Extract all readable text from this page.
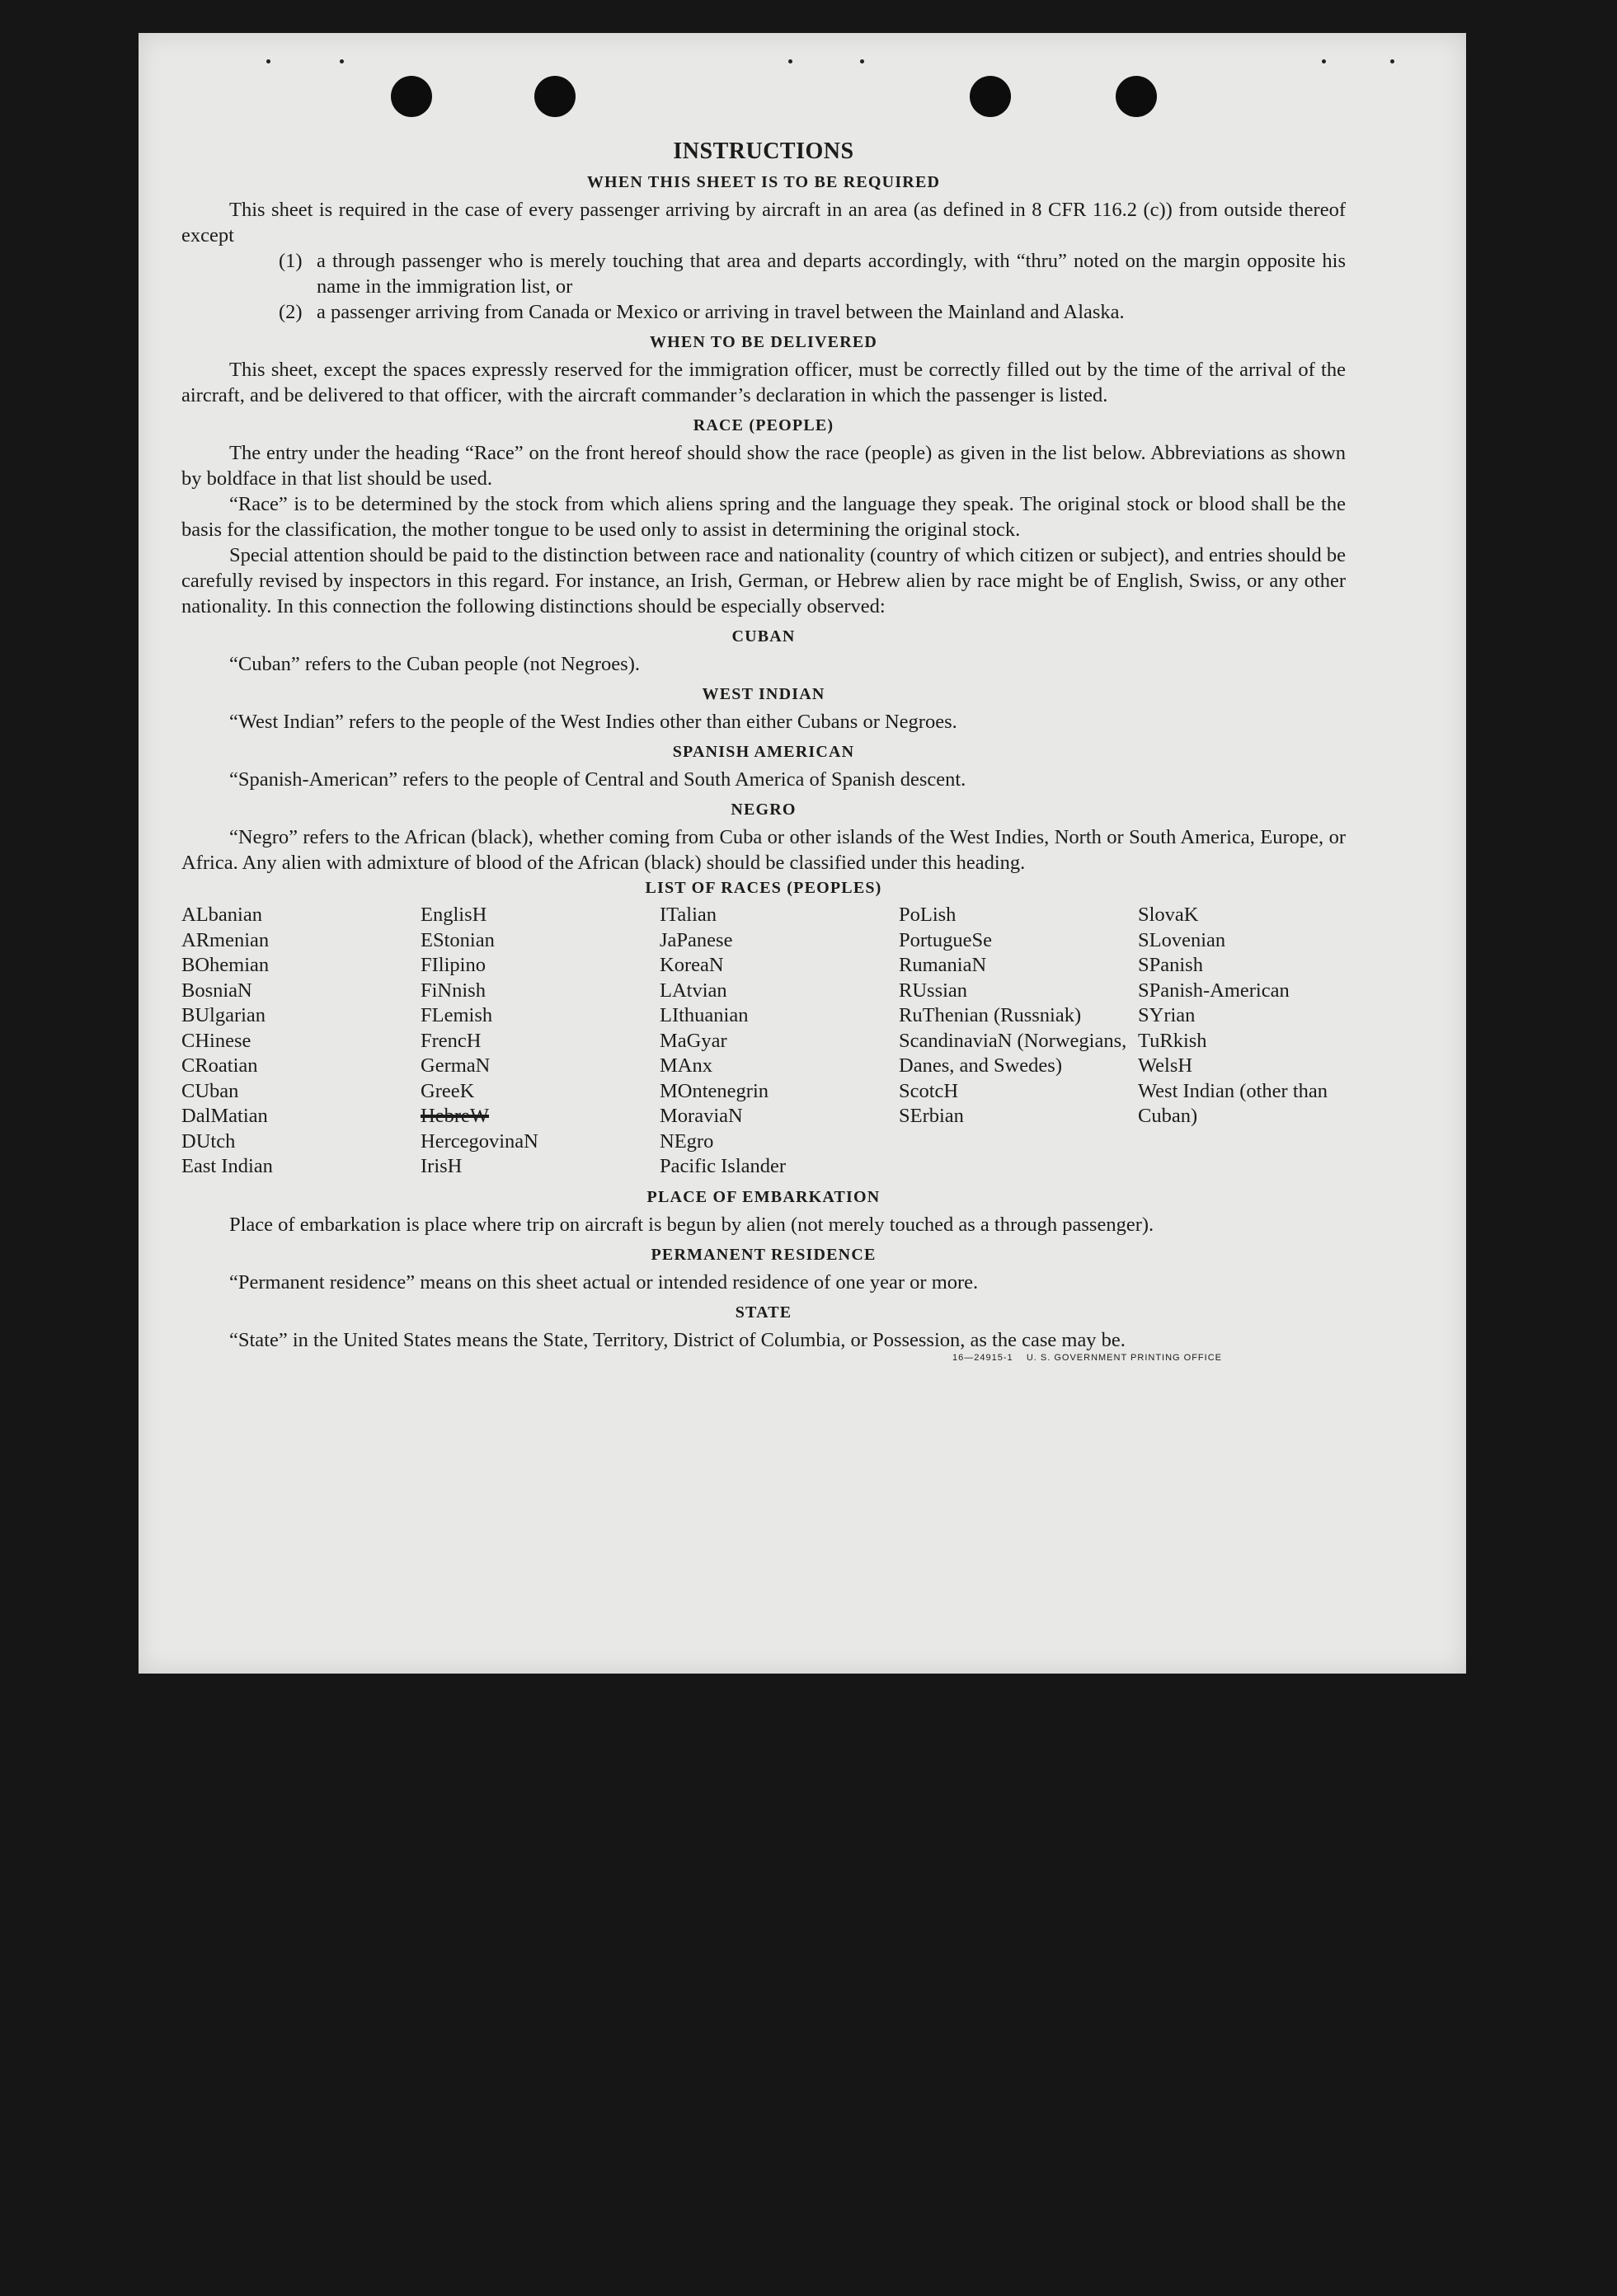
INSTRUCTIONS
WHEN THIS SHEET IS TO BE REQUIRED

This sheet is required in the case of every passenger arriving by aircraft in an area (as defined in 8 CFR 116.2 (c)) from outside thereof except

(1) a through passenger who is merely touching that area and departs accordingly, with “thru” noted on the margin opposite his name in the immigration list, or
(2) a passenger arriving from Canada or Mexico or arriving in travel between the Mainland and Alaska.
WHEN TO BE DELIVERED

This sheet, except the spaces expressly reserved for the immigration officer, must be correctly filled out by the time of the arrival of the aircraft, and be delivered to that officer, with the aircraft commander’s declaration in which the passenger is listed.

RACE (PEOPLE)

The entry under the heading “Race” on the front hereof should show the race (people) as given in the list below. Abbreviations as shown by boldface in that list should be used.

“Race” is to be determined by the stock from which aliens spring and the language they speak. The original stock or blood shall be the basis for the classification, the mother tongue to be used only to assist in determining the original stock.

Special attention should be paid to the distinction between race and nationality (country of which citizen or subject), and entries should be carefully revised by inspectors in this regard. For instance, an Irish, German, or Hebrew alien by race might be of English, Swiss, or any other nationality. In this connection the following distinctions should be especially observed:

CUBAN

“Cuban” refers to the Cuban people (not Negroes).

WEST INDIAN

“West Indian” refers to the people of the West Indies other than either Cubans or Negroes.

SPANISH AMERICAN

“Spanish-American” refers to the people of Central and South America of Spanish descent.

NEGRO

“Negro” refers to the African (black), whether coming from Cuba or other islands of the West Indies, North or South America, Europe, or Africa. Any alien with admixture of blood of the African (black) should be classified under this heading.

LIST OF RACES (PEOPLES)
ALbanian
ARmenian
BOhemian
BosniaN
BUlgarian
CHinese
CRoatian
CUban
DalMatian
DUtch
East Indian
EnglisH
EStonian
FIlipino
FiNnish
FLemish
FrencH
GermaN
GreeK
HebreW
HercegovinaN
IrisH
ITalian
JaPanese
KoreaN
LAtvian
LIthuanian
MaGyar
MAnx
MOntenegrin
MoraviaN
NEgro
Pacific Islander
PoLish
PortugueSe
RumaniaN
RUssian
RuThenian (Russniak)
ScandinaviaN (Norwegians, Danes, and Swedes)
ScotcH
SErbian
SlovaK
SLovenian
SPanish
SPanish-American
SYrian
TuRkish
WelsH
West Indian (other than Cuban)
PLACE OF EMBARKATION

Place of embarkation is place where trip on aircraft is begun by alien (not merely touched as a through passenger).

PERMANENT RESIDENCE

“Permanent residence” means on this sheet actual or intended residence of one year or more.

STATE

“State” in the United States means the State, Territory, District of Columbia, or Possession, as the case may be.

16—24915-1 U. S. GOVERNMENT PRINTING OFFICE
